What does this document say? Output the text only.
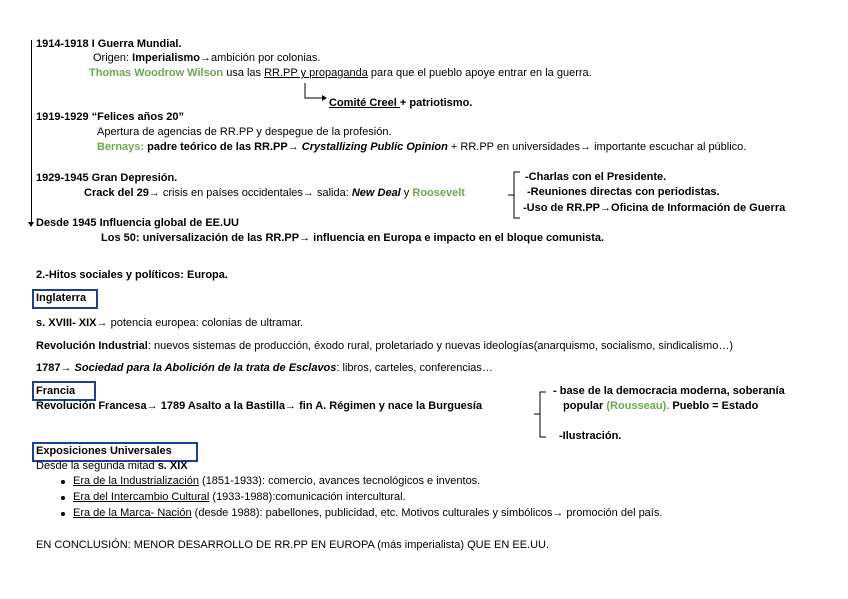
1914-1918 I Guerra Mundial.
Origen: Imperialismo→ambición por colonias.
Thomas Woodrow Wilson usa las RR.PP y propaganda para que el pueblo apoye entrar en la guerra.
Comité Creel + patriotismo.
1919-1929 “Felices años 20”
Apertura de agencias de RR.PP y despegue de la profesión.
Bernays: padre teórico de las RR.PP→ Crystallizing Public Opinion + RR.PP en universidades→ importante escuchar al público.
1929-1945 Gran Depresión.
Crack del 29→ crisis en países occidentales→ salida: New Deal y Roosevelt
-Charlas con el Presidente.
-Reuniones directas con periodistas.
-Uso de RR.PP→Oficina de Información de Guerra
Desde 1945 Influencia global de EE.UU
Los 50: universalización de las RR.PP→ influencia en Europa e impacto en el bloque comunista.
2.-Hitos sociales y políticos: Europa.
Inglaterra
s. XVIII- XIX→ potencia europea: colonias de ultramar.
Revolución Industrial: nuevos sistemas de producción, éxodo rural, proletariado y nuevas ideologías(anarquismo, socialismo, sindicalismo…)
1787→ Sociedad para la Abolición de la trata de Esclavos: libros, carteles, conferencias…
Francia
Revolución Francesa→ 1789 Asalto a la Bastilla→ fin A. Régimen y nace la Burguesía
- base de la democracia moderna, soberanía
popular (Rousseau). Pueblo = Estado
-Ilustración.
Exposiciones Universales
Desde la segunda mitad s. XIX
Era de la Industrialización (1851-1933): comercio, avances tecnológicos e inventos.
Era del Intercambio Cultural (1933-1988):comunicación intercultural.
Era de la Marca- Nación (desde 1988): pabellones, publicidad, etc. Motivos culturales y simbólicos→ promoción del país.
EN CONCLUSIÓN: MENOR DESARROLLO DE RR.PP EN EUROPA (más imperialista) QUE EN EE.UU.
